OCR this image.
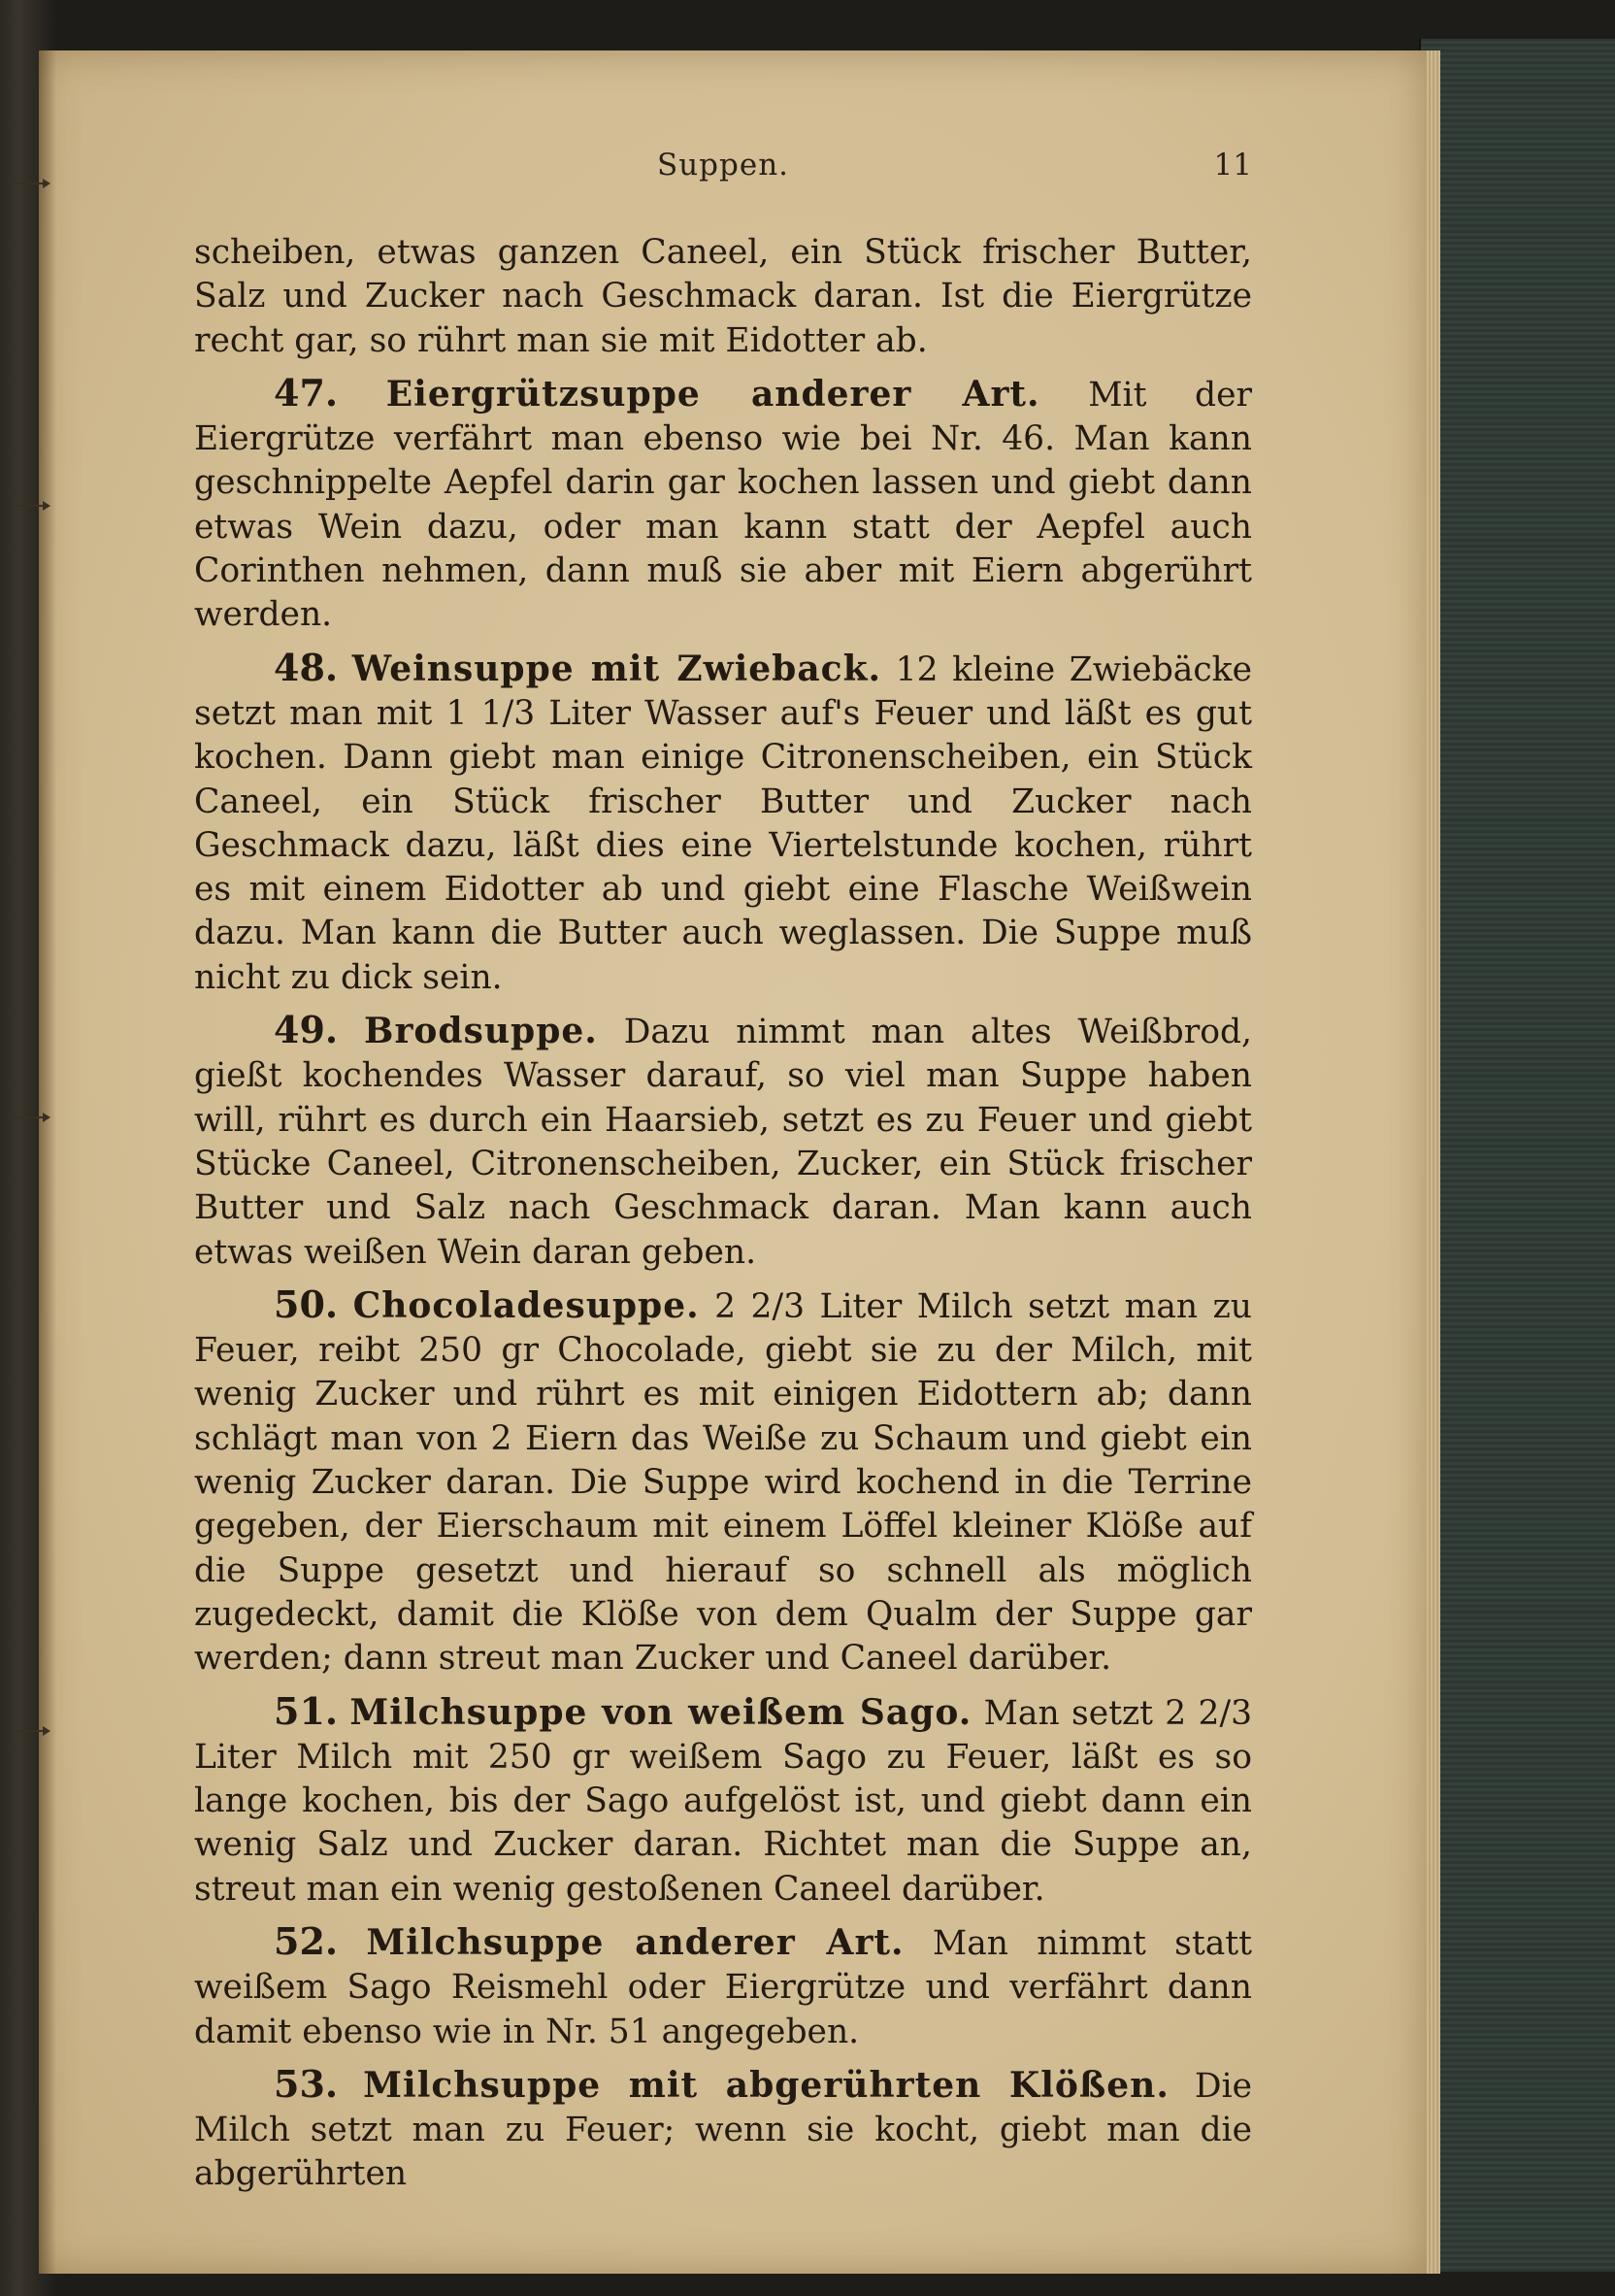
Suppen.	11

scheiben, etwas ganzen Caneel, ein Stück frischer Butter, Salz und Zucker nach Geschmack daran. Ist die Eiergrütze recht gar, so rührt man sie mit Eidotter ab.

47. Eiergrützsuppe anderer Art. Mit der Eiergrütze verfährt man ebenso wie bei Nr. 46. Man kann geschnippelte Aepfel darin gar kochen lassen und giebt dann etwas Wein dazu, oder man kann statt der Aepfel auch Corinthen nehmen, dann muß sie aber mit Eiern abgerührt werden.

48. Weinsuppe mit Zwieback. 12 kleine Zwiebäcke setzt man mit 1 1/3 Liter Wasser auf's Feuer und läßt es gut kochen. Dann giebt man einige Citronenscheiben, ein Stück Caneel, ein Stück frischer Butter und Zucker nach Geschmack dazu, läßt dies eine Viertelstunde kochen, rührt es mit einem Eidotter ab und giebt eine Flasche Weißwein dazu. Man kann die Butter auch weglassen. Die Suppe muß nicht zu dick sein.

49. Brodsuppe. Dazu nimmt man altes Weißbrod, gießt kochendes Wasser darauf, so viel man Suppe haben will, rührt es durch ein Haarsieb, setzt es zu Feuer und giebt Stücke Caneel, Citronenscheiben, Zucker, ein Stück frischer Butter und Salz nach Geschmack daran. Man kann auch etwas weißen Wein daran geben.

50. Chocoladesuppe. 2 2/3 Liter Milch setzt man zu Feuer, reibt 250 gr Chocolade, giebt sie zu der Milch, mit wenig Zucker und rührt es mit einigen Eidottern ab; dann schlägt man von 2 Eiern das Weiße zu Schaum und giebt ein wenig Zucker daran. Die Suppe wird kochend in die Terrine gegeben, der Eierschaum mit einem Löffel kleiner Klöße auf die Suppe gesetzt und hierauf so schnell als möglich zugedeckt, damit die Klöße von dem Qualm der Suppe gar werden; dann streut man Zucker und Caneel darüber.

51. Milchsuppe von weißem Sago. Man setzt 2 2/3 Liter Milch mit 250 gr weißem Sago zu Feuer, läßt es so lange kochen, bis der Sago aufgelöst ist, und giebt dann ein wenig Salz und Zucker daran. Richtet man die Suppe an, streut man ein wenig gestoßenen Caneel darüber.

52. Milchsuppe anderer Art. Man nimmt statt weißem Sago Reismehl oder Eiergrütze und verfährt dann damit ebenso wie in Nr. 51 angegeben.

53. Milchsuppe mit abgerührten Klößen. Die Milch setzt man zu Feuer; wenn sie kocht, giebt man die abgerührten
